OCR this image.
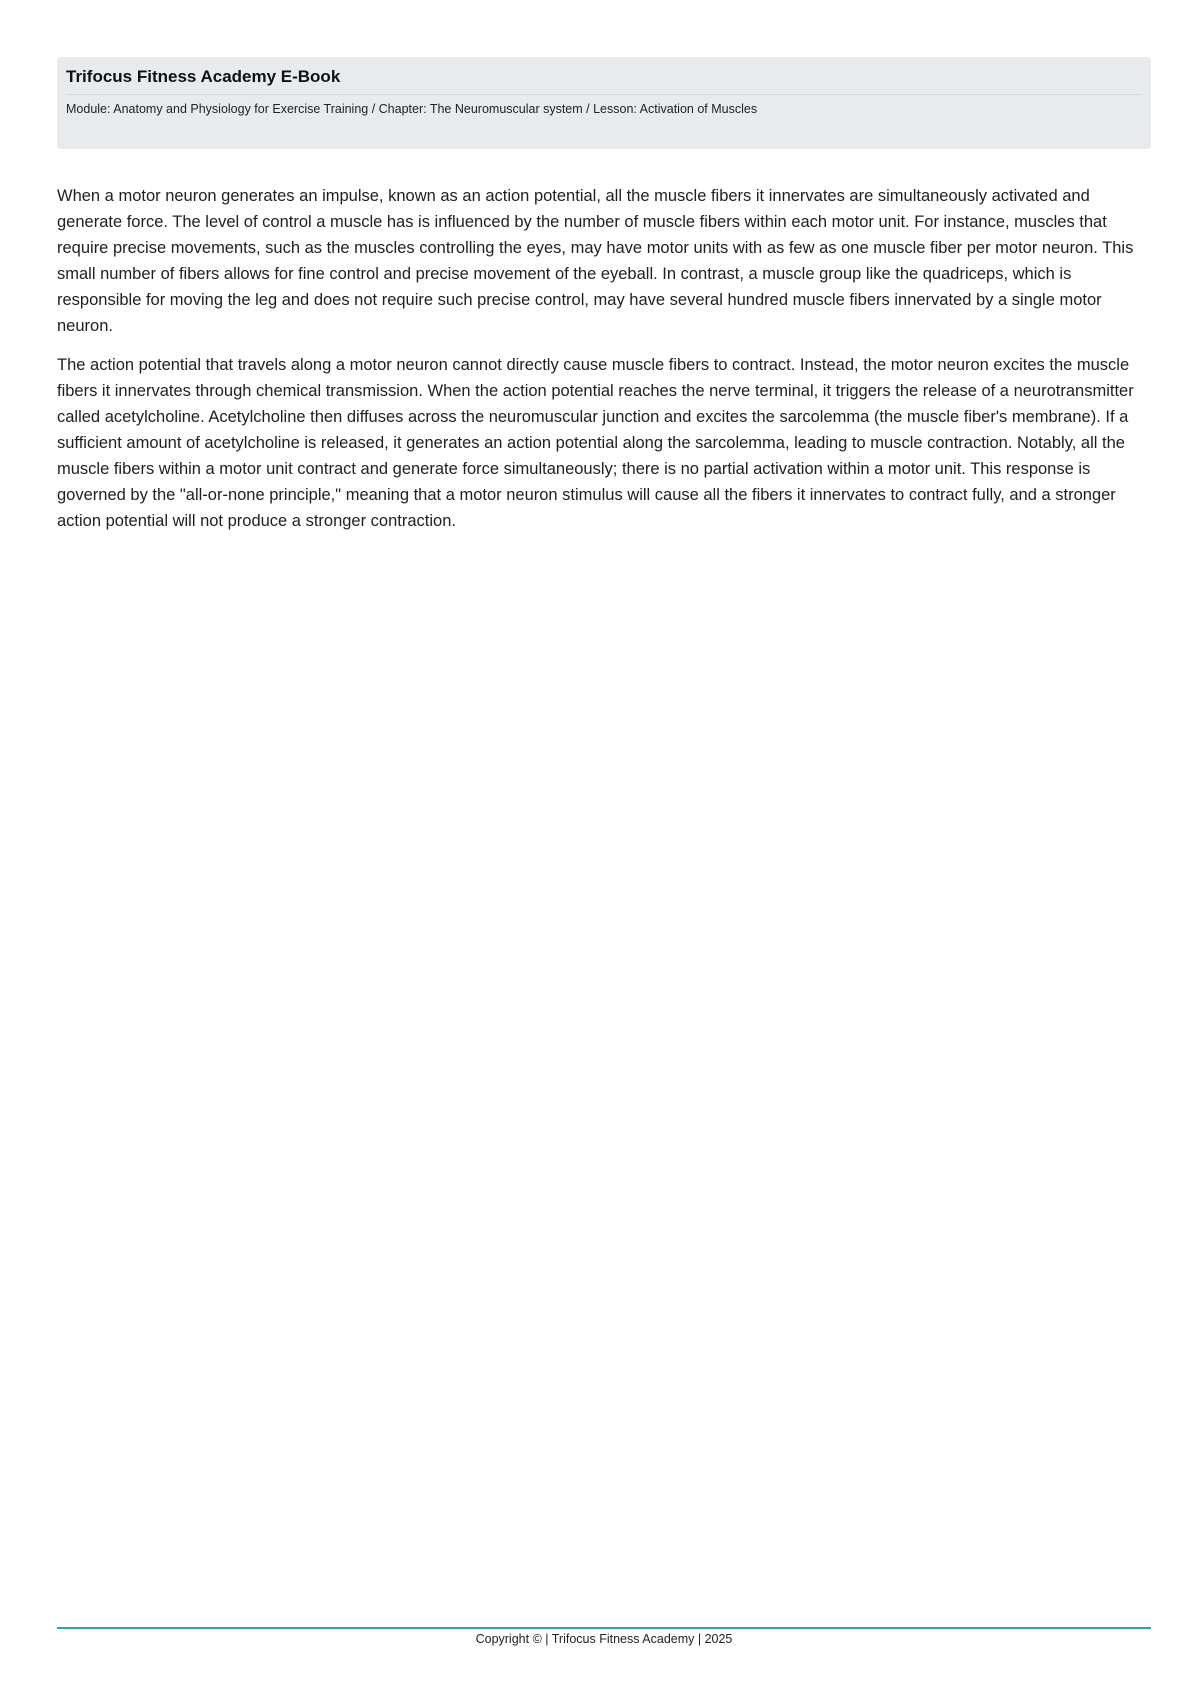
Trifocus Fitness Academy E-Book
Module: Anatomy and Physiology for Exercise Training / Chapter: The Neuromuscular system / Lesson: Activation of Muscles

When a motor neuron generates an impulse, known as an action potential, all the muscle fibers it innervates are simultaneously activated and generate force. The level of control a muscle has is influenced by the number of muscle fibers within each motor unit. For instance, muscles that require precise movements, such as the muscles controlling the eyes, may have motor units with as few as one muscle fiber per motor neuron. This small number of fibers allows for fine control and precise movement of the eyeball. In contrast, a muscle group like the quadriceps, which is responsible for moving the leg and does not require such precise control, may have several hundred muscle fibers innervated by a single motor neuron.

The action potential that travels along a motor neuron cannot directly cause muscle fibers to contract. Instead, the motor neuron excites the muscle fibers it innervates through chemical transmission. When the action potential reaches the nerve terminal, it triggers the release of a neurotransmitter called acetylcholine. Acetylcholine then diffuses across the neuromuscular junction and excites the sarcolemma (the muscle fiber's membrane). If a sufficient amount of acetylcholine is released, it generates an action potential along the sarcolemma, leading to muscle contraction. Notably, all the muscle fibers within a motor unit contract and generate force simultaneously; there is no partial activation within a motor unit. This response is governed by the "all-or-none principle," meaning that a motor neuron stimulus will cause all the fibers it innervates to contract fully, and a stronger action potential will not produce a stronger contraction.

Copyright © | Trifocus Fitness Academy | 2025
